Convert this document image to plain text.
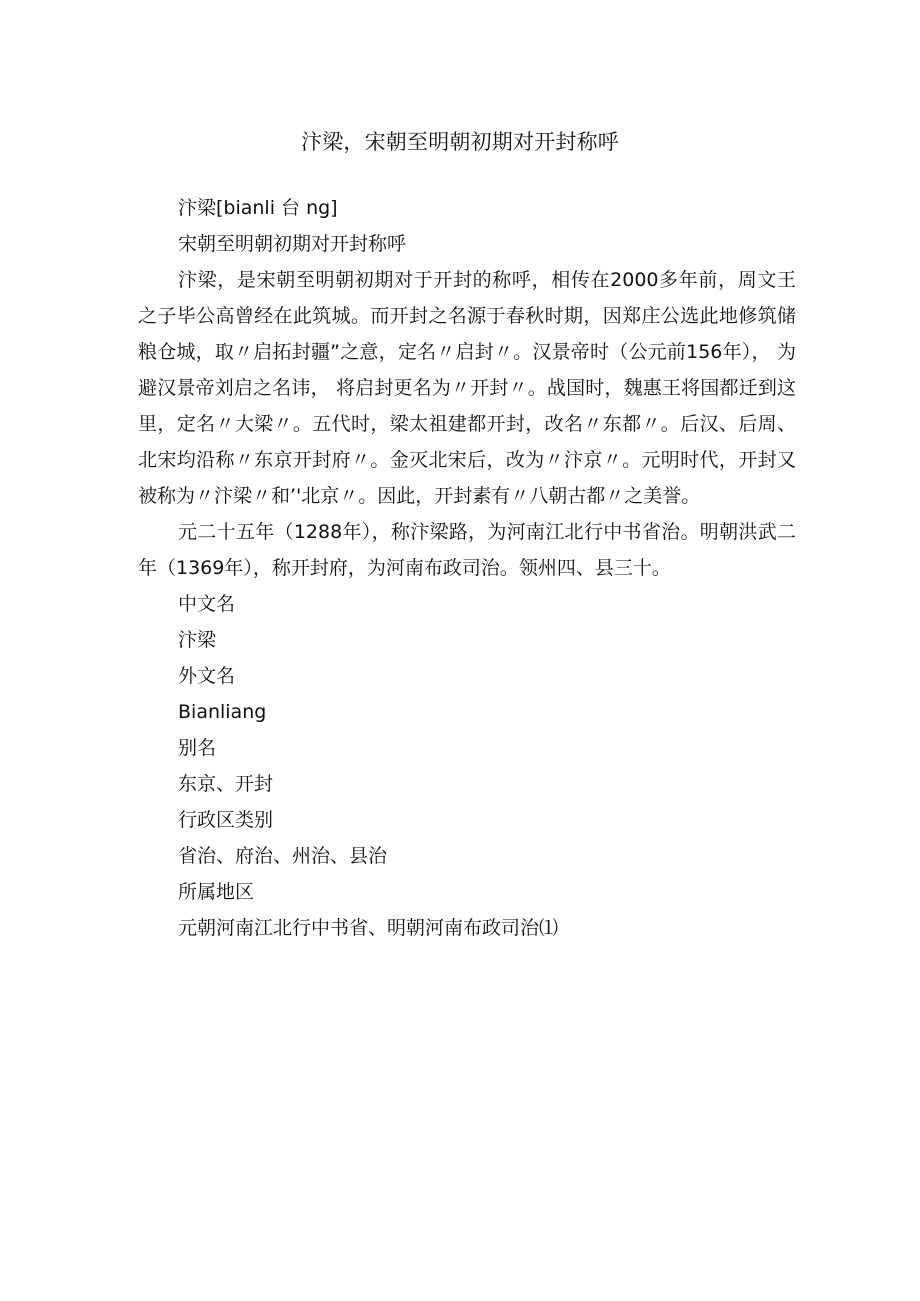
汴梁，宋朝至明朝初期对开封称呼
汴梁[bianli 台 ng]
宋朝至明朝初期对开封称呼
汴梁，是宋朝至明朝初期对于开封的称呼，相传在2000多年前，周文王之子毕公高曾经在此筑城。而开封之名源于春秋时期，因郑庄公选此地修筑储粮仓城，取〃启拓封疆”之意，定名〃启封〃。汉景帝时（公元前156年）， 为避汉景帝刘启之名讳， 将启封更名为〃开封〃。战国时，魏惠王将国都迁到这里，定名〃大梁〃。五代时，梁太祖建都开封，改名〃东都〃。后汉、后周、北宋均沿称〃东京开封府〃。金灭北宋后，改为〃汴京〃。元明时代，开封又被称为〃汴梁〃和’'北京〃。因此，开封素有〃八朝古都〃之美誉。
元二十五年（1288年），称汴梁路，为河南江北行中书省治。明朝洪武二年（1369年），称开封府，为河南布政司治。领州四、县三十。
中文名
汴梁
外文名
Bianliang
别名
东京、开封
行政区类别
省治、府治、州治、县治
所属地区
元朝河南江北行中书省、明朝河南布政司治⑴
